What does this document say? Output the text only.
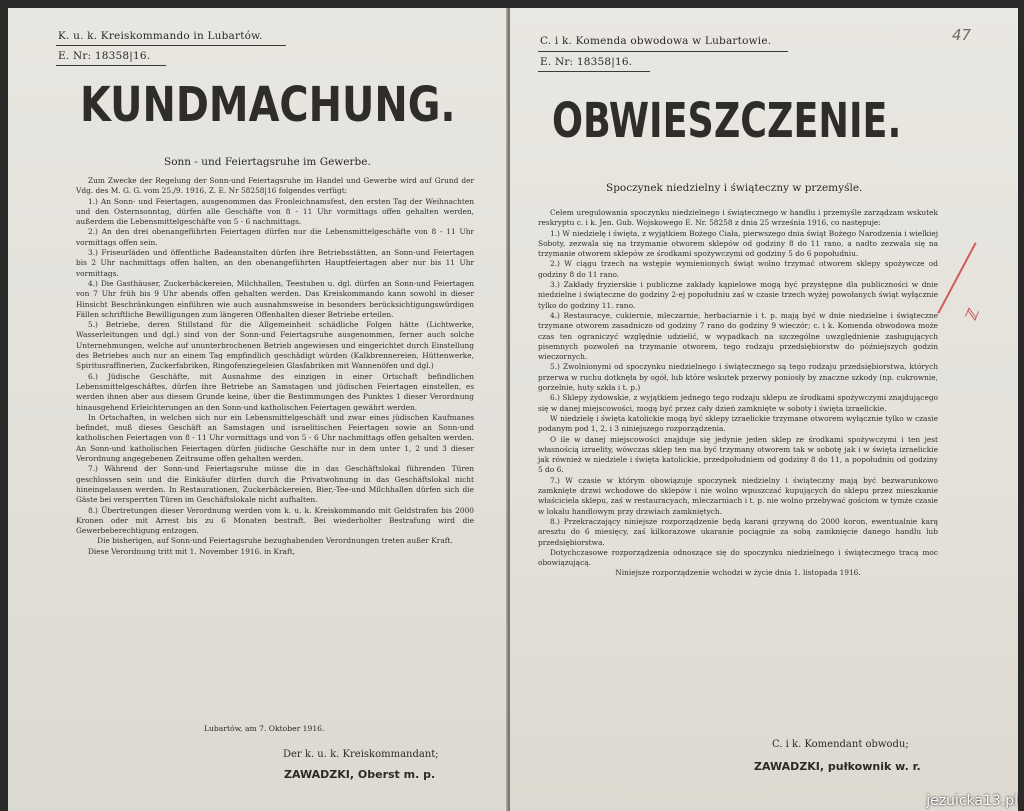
K. u. k. Kreiskommando in Lubartów.
E. Nr: 18358|16.
KUNDMACHUNG.
Sonn - und Feiertagsruhe im Gewerbe.

Zum Zwecke der Regelung der Sonn-und Feiertagsruhe im Handel und Gewerbe wird auf Grund der Vdg. des M. G. G. vom 25./9. 1916, Z. E. Nr 58258|16 folgendes verfügt:

1.) An Sonn- und Feiertagen, ausgenommen das Fronleichnamsfest, den ersten Tag der Weihnachten und den Osternsonntag, dürfen alle Geschäfte von 8 - 11 Uhr vormittags offen gehalten werden, außerdem die Lebensmittelgeschäfte von 5 - 6 nachmittags.

2.) An den drei obenangeführten Feiertagen dürfen nur die Lebensmittelgeschäfte von 8 - 11 Uhr vormittags offen sein.

3.) Friseurläden und öffentliche Badeanstalten dürfen ihre Betriebsstätten, an Sonn-und Feiertagen bis 2 Uhr nachmittags offen halten, an den obenangeführten Hauptfeiertagen aber nur bis 11 Uhr vormittags.

4.) Die Gasthäuser, Zuckerbäckereien, Milchhallen, Teestuben u. dgl. dürfen an Sonn-und Feiertagen von 7 Uhr früh bis 9 Uhr abends offen gehalten werden. Das Kreiskommando kann sowohl in dieser Hinsicht Beschränkungen einführen wie auch ausnahmsweise in besonders berücksichtigungswürdigen Fällen schriftliche Bewilligungen zum längeren Offenhalten dieser Betriebe erteilen.

5.) Betriebe, deren Stillstand für die Allgemeinheit schädliche Folgen hätte (Lichtwerke, Wasserleitungen und dgl.) sind von der Sonn-und Feiertagsruhe ausgenommen, ferner auch solche Unternehmungen, welche auf ununterbrochenen Betrieb angewiesen und eingerichtet durch Einstellung des Betriebes auch nur an einem Tag empfindlich geschädigt würden (Kalkbrennereien, Hüttenwerke, Spiritusraffinerien, Zuckerfabriken, Ringofenziegeleien Glasfabriken mit Wannenöfen und dgl.)

6.) Jüdische Geschäfte, mit Ausnahme des einzigen in einer Ortschaft befindlichen Lebensmittelgeschäftes, dürfen ihre Betriebe an Samstagen und jüdischen Feiertagen einstellen, es werden ihnen aber aus diesem Grunde keine, über die Bestimmungen des Punktes 1 dieser Verordnung hinausgehend Erleichterungen an den Sonn-und katholischen Feiertagen gewährt werden.

In Ortschaften, in welchen sich nur ein Lebensmittelgeschäft und zwar eines jüdischen Kaufmanes befindet, muß dieses Geschäft an Samstagen und israelitischen Feiertagen sowie an Sonn-und katholischen Feiertagen von 8 - 11 Uhr vormittags und von 5 - 6 Uhr nachmittags offen gehalten werden. An Sonn-und katholischen Feiertagen dürfen jüdische Geschäfte nur in dem unter 1, 2 und 3 dieser Verordnung angegebenen Zeitraume offen gehalten werden.

7.) Während der Sonn-und Feiertagsruhe müsse die in das Geschäftslokal führenden Türen geschlossen sein und die Einkäufer dürfen durch die Privatwohnung in das Geschäftslokal nicht hineingelassen werden. In Restaurationen, Zuckerbäckereien, Bier,-Tee-und Milchhallen dürfen sich die Gäste bei versperrten Türen im Geschäftslokale nicht aufhalten.

8.) Übertretungen dieser Verordnung werden vom k. u. k. Kreiskommando mit Geldstrafen bis 2000 Kronen oder mit Arrest bis zu 6 Monaten bestraft. Bei wiederholter Bestrafung wird die Gewerbeberechtigung entzogen.

Die bisherigen, auf Sonn-und Feiertagsruhe bezughabenden Verordnungen treten außer Kraft.

Diese Verordnung tritt mit 1. November 1916. in Kraft,

Lubartów, am 7. Oktober 1916.
Der k. u. k. Kreiskommandant;
ZAWADZKI, Oberst m. p.
47
C. i k. Komenda obwodowa w Lubartowie.
E. Nr: 18358|16.
OBWIESZCZENIE.
Spoczynek niedzielny i świąteczny w przemyśle.
ℤ

Celem uregulowania spoczynku niedzielnego i świątecznego w handlu i przemyśle zarządzam wskutek reskryptu c. i k. Jen. Gub. Wojskowego E. Nr. 58258 z dnia 25 września 1916, co następuje:

1.) W niedzielę i święta, z wyjątkiem Bożego Ciała, pierwszego dnia świąt Bożego Narodzenia i wielkiej Soboty, zezwala się na trzymanie otworem sklepów od godziny 8 do 11 rano, a nadto zezwala się na trzymanie otworem sklepów ze środkami spożywczymi od godziny 5 do 6 popołudniu.

2.) W ciągu trzech na wstępie wymienionych świąt wolno trzymać otworem sklepy spożywcze od godziny 8 do 11 rano.

3.) Zakłady fryzierskie i publiczne zakłady kąpielowe mogą być przystępne dla publiczności w dnie niedzielne i świąteczne do godziny 2-ej popołudniu zaś w czasie trzech wyżej powołanych świąt wyłącznie tylko do godziny 11. rano.

4.) Restauracye, cukiernie, mleczarnie, herbaciarnie i t. p. mają być w dnie niedzielne i świąteczne trzymane otworem zasadniczo od godziny 7 rano do godziny 9 wieczór; c. i k. Komenda obwodowa może czas ten ograniczyć względnie udzielić, w wypadkach na szczególne uwzględnienie zasługujących pisemnych pozwoleń na trzymanie otworem, tego rodzaju przedsiębiorstw do późniejszych godzin wieczornych.

5.) Zwolnionymi od spoczynku niedzielnego i świątecznego są tego rodzaju przedsiębiorstwa, których przerwa w ruchu dotknęła by ogół, lub które wskutek przerwy poniosły by znaczne szkody (np. cukrownie, gorzelnie, huty szkła i t. p.)

6.) Sklepy żydowskie, z wyjątkiem jednego tego rodzaju sklepu ze środkami spożywczymi znajdującego się w danej miejscowości, mogą być przez cały dzień zamknięte w soboty i święta izraelickie.

W niedzielę i święta katolickie mogą być sklepy izraelickie trzymane otworem wyłącznie tylko w czasie podanym pod 1, 2, i 3 niniejszego rozporządzenia.

O ile w danej miejscowości znajduje się jedynie jeden sklep ze środkami spożywczymi i ten jest własnością izraelity, wówczas sklep ten ma być trzymany otworem tak w sobotę jak i w święta izraelickie jak również w niedziele i święta katolickie, przedpołudniem od godziny 8 do 11, a popołudniu od godziny 5 do 6.

7.) W czasie w którym obowiązuje spoczynek niedzielny i świąteczny mają być bezwarunkowo zamknięte drzwi wchodowe do sklepów i nie wolno wpuszczać kupujących do sklepu przez mieszkanie właściciela sklepu, zaś w restauracyach, mleczarniach i t. p. nie wolno przebywać gościom w tymże czasie w lokalu handlowym przy drzwiach zamkniętych.

8.) Przekraczający niniejsze rozporządzenie będą karani grzywną do 2000 koron, ewentualnie karą aresztu do 6 miesięcy, zaś kilkorazowe ukaranie pociągnie za sobą zamknięcie danego handlu lub przedsiębiorstwa.

Dotychczasowe rozporządzenia odnoszące się do spoczynku niedzielnego i świątecznego tracą moc obowiązującą.

Niniejsze rozporządzenie wchodzi w życie dnia 1. listopada 1916.

C. i k. Komendant obwodu;
ZAWADZKI, pułkownik w. r.
jezuicka13.pl
